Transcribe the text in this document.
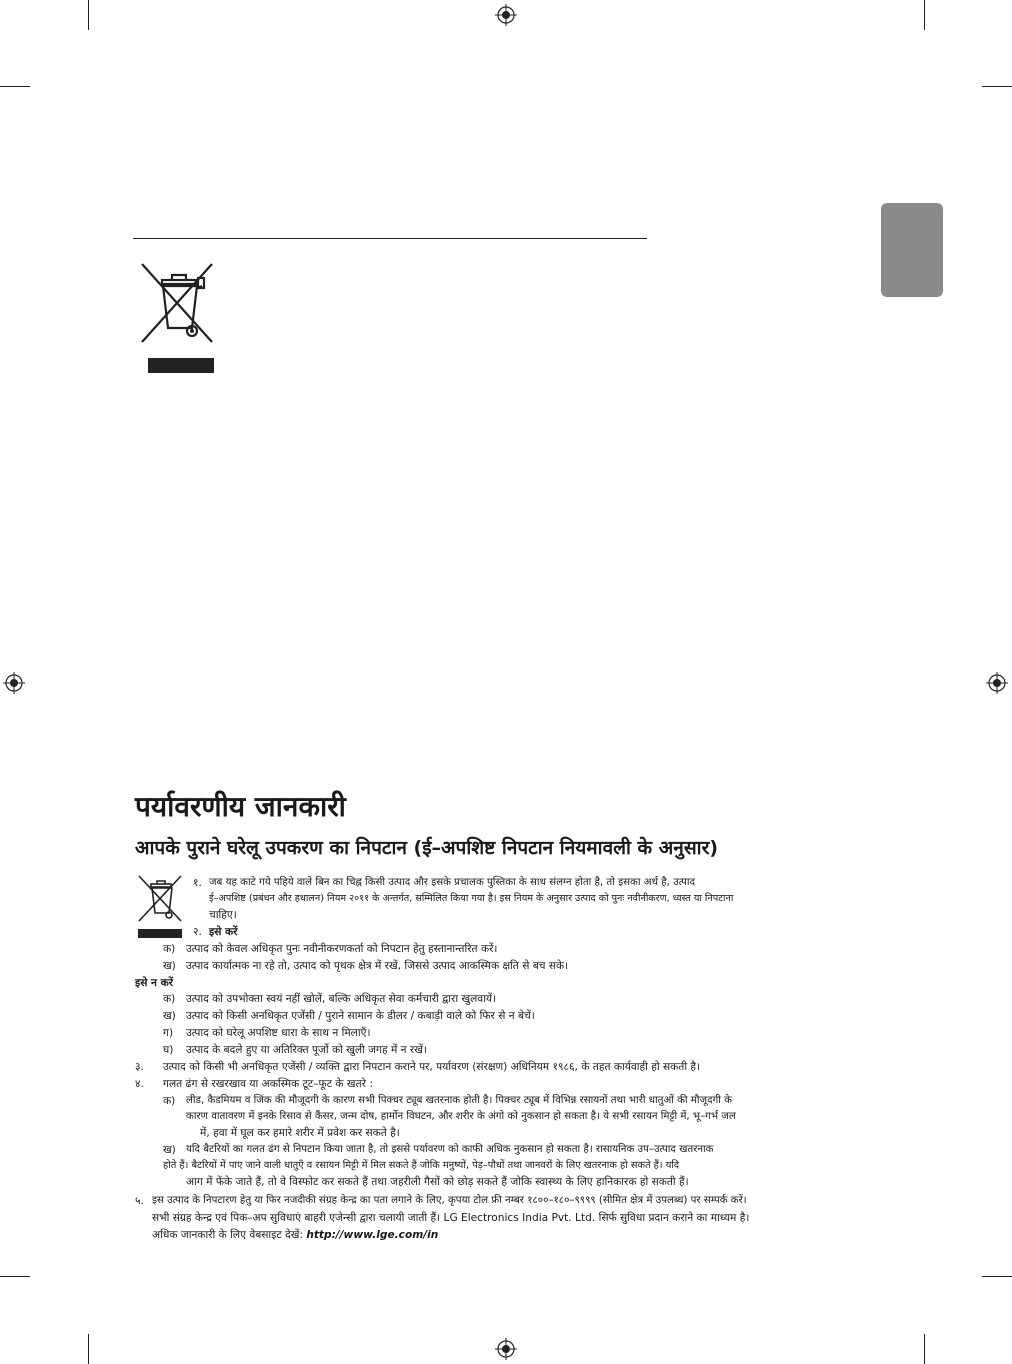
पर्यावरणीय जानकारी
आपके पुराने घरेलू उपकरण का निपटान (ई–अपशिष्ट निपटान नियमावली के अनुसार)
१. जब यह काटे गये पहिये वाले बिन का चिह्न किसी उत्पाद और इसके प्रचालक पुस्तिका के साथ संलग्न होता है, तो इसका अर्थ है, उत्पाद
ई–अपशिष्ट (प्रबंधन और हथालन) नियम २०११ के अन्तर्गत, सम्मिलित किया गया है। इस नियम के अनुसार उत्पाद को पुनः नवीनीकरण, ध्वस्त या निपटाना
चाहिए।
२. इसे करें
क) उत्पाद को केवल अधिकृत पुनः नवीनीकरणकर्ता को निपटान हेतु हस्तानान्तरित करें।
ख) उत्पाद कार्यात्मक ना रहे तो, उत्पाद को पृथक क्षेत्र में रखें, जिससे उत्पाद आकस्मिक क्षति से बच सके।
इसे न करें
क) उत्पाद को उपभोक्ता स्वयं नहीं खोलें, बल्कि अधिकृत सेवा कर्मचारी द्वारा खुलवायें।
ख) उत्पाद को किसी अनधिकृत एजेंसी / पुराने सामान के डीलर / कबाड़ी वाले को फिर से न बेचें।
ग) उत्पाद को घरेलू अपशिष्ट धारा के साथ न मिलाएँ।
घ) उत्पाद के बदले हुए या अतिरिक्त पूर्जो को खुली जगह में न रखें।
३. उत्पाद को किसी भी अनधिकृत एजेंसी / व्यक्ति द्वारा निपटान कराने पर, पर्यावरण (संरक्षण) अधिनियम १९८६, के तहत कार्यवाही हो सकती है।
४. गलत ढंग से रखरखाव या अकस्मिक टूट–फूट के खतरे :
क) लीड, कैडमियम व जिंक की मौजूदगी के कारण सभी पिक्चर ट्यूब खतरनाक होती है। पिक्चर ट्यूब में विभिन्न रसायनों तथा भारी धातुओं की मौजूदगी के
कारण वातावरण में इनके रिसाव से कैंसर, जन्म दोष, हार्मोन विघटन, और शरीर के अंगो को नुकसान हो सकता है। ये सभी रसायन मिट्टी में, भू–गर्भ जल
में, हवा में घूल कर हमारे शरीर में प्रवेश कर सकते है।
ख) यदि बैटरियों का गलत ढंग से निपटान किया जाता है, तो इससे पर्यावरण को काफी अधिक नुकसान हो सकता है। रासायनिक उप–उत्पाद खतरनाक
होते हैं। बैटरियों में पाए जाने वाली धातुएँ व रसायन मिट्टी में मिल सकते हैं जोकि मनुष्यों, पेड़–पौधों तथा जानवरों के लिए खतरनाक हो सकते हैं। यदि
आग में फेंके जाते हैं, तो वे विस्फोट कर सकते हैं तथा जहरीली गैसों को छोड़ सकते हैं जोकि स्वास्थ्य के लिए हानिकारक हो सकती हैं।
५. इस उत्पाद के निपटारण हेतु या फिर नजदीकी संग्रह केन्द्र का पता लगाने के लिए, कृपया टोल फ्री नम्बर १८००–१८०–९९९९ (सीमित क्षेत्र में उपलब्ध) पर सम्पर्क करें।
सभी संग्रह केन्द्र एवं पिक–अप सुविधाएं बाहरी एजेन्सी द्वारा चलायी जाती हैं। LG Electronics India Pvt. Ltd. सिर्फ सुविधा प्रदान कराने का माध्यम है।
अधिक जानकारी के लिए वेबसाइट देखें: http://www.lge.com/in
